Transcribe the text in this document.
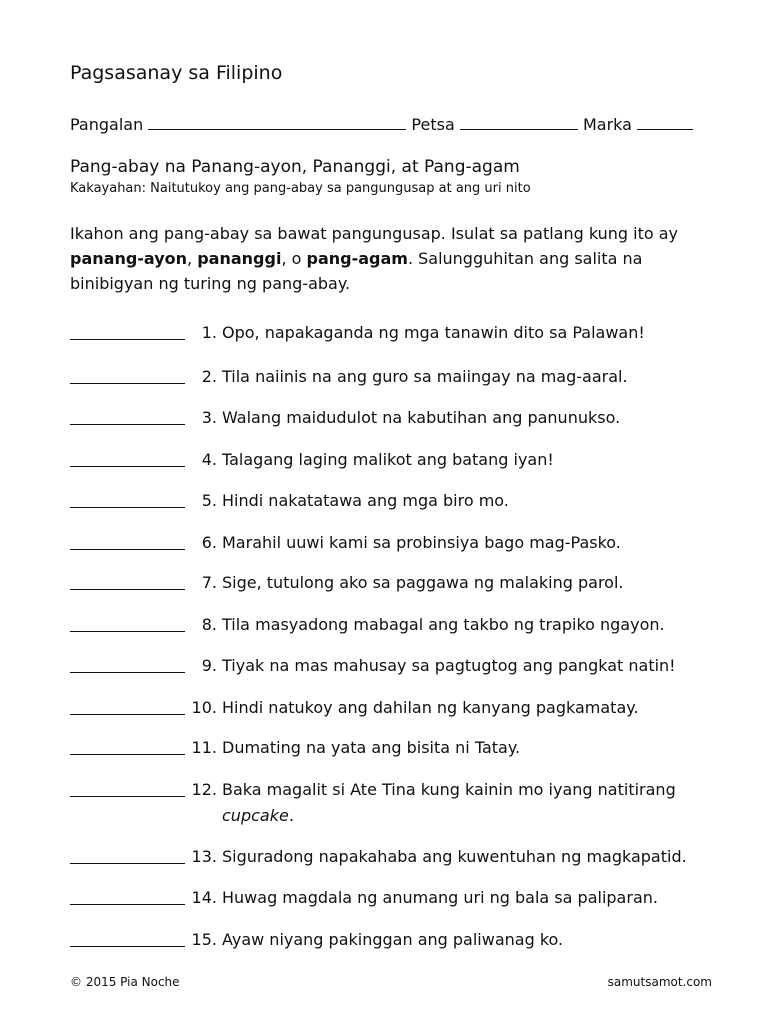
Pagsasanay sa Filipino
Pangalan	Petsa	Marka
Pang-abay na Panang-ayon, Pananggi, at Pang-agam
Kakayahan: Naitutukoy ang pang-abay sa pangungusap at ang uri nito
Ikahon ang pang-abay sa bawat pangungusap. Isulat sa patlang kung ito ay panang-ayon, pananggi, o pang-agam. Salungguhitan ang salita na binibigyan ng turing ng pang-abay.
1. Opo, napakaganda ng mga tanawin dito sa Palawan!
2. Tila naiinis na ang guro sa maiingay na mag-aaral.
3. Walang maidudulot na kabutihan ang panunukso.
4. Talagang laging malikot ang batang iyan!
5. Hindi nakatatawa ang mga biro mo.
6. Marahil uuwi kami sa probinsiya bago mag-Pasko.
7. Sige, tutulong ako sa paggawa ng malaking parol.
8. Tila masyadong mabagal ang takbo ng trapiko ngayon.
9. Tiyak na mas mahusay sa pagtugtog ang pangkat natin!
10. Hindi natukoy ang dahilan ng kanyang pagkamatay.
11. Dumating na yata ang bisita ni Tatay.
12. Baka magalit si Ate Tina kung kainin mo iyang natitirang
cupcake.
13. Siguradong napakahaba ang kuwentuhan ng magkapatid.
14. Huwag magdala ng anumang uri ng bala sa paliparan.
15. Ayaw niyang pakinggan ang paliwanag ko.
© 2015 Pia Noche	samutsamot.com
